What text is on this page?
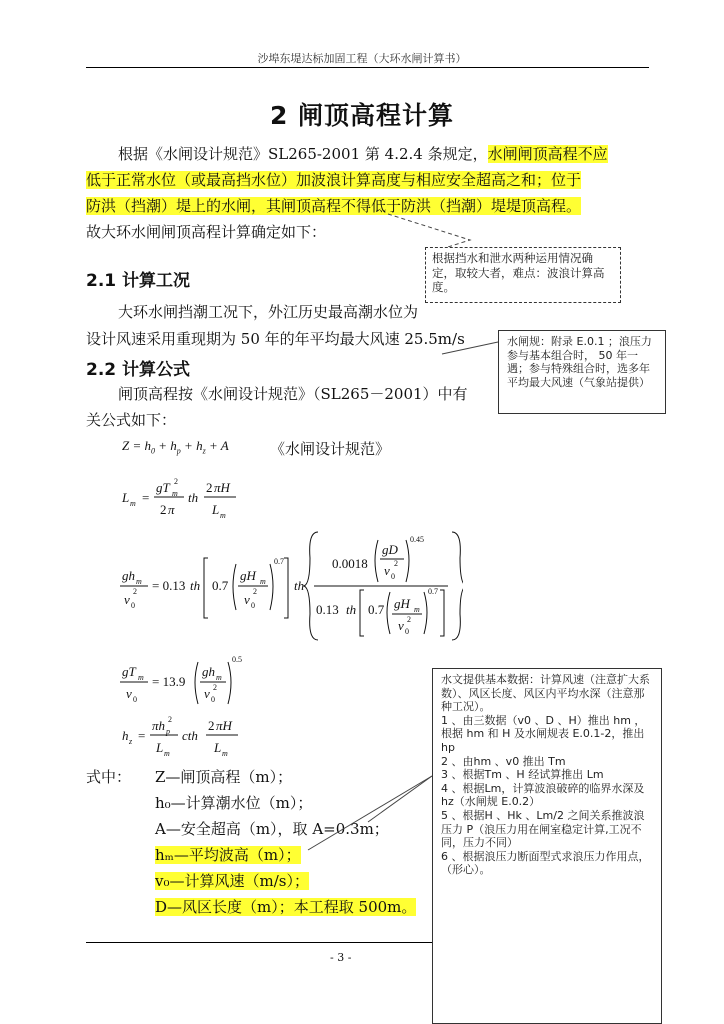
沙埠东堤达标加固工程（大环水闸计算书）
2 闸顶高程计算
根据《水闸设计规范》SL265-2001 第 4.2.4 条规定，水闸闸顶高程不应
低于正常水位（或最高挡水位）加波浪计算高度与相应安全超高之和；位于
防洪（挡潮）堤上的水闸，其闸顶高程不得低于防洪（挡潮）堤堤顶高程。
故大环水闸闸顶高程计算确定如下：
2.1 计算工况
大环水闸挡潮工况下，外江历史最高潮水位为
设计风速采用重现期为 50 年的年平均最大风速 25.5m/s
2.2 计算公式
闸顶高程按《水闸设计规范》（SL265－2001）中有
关公式如下：
$Z = h_0 + h_p + h_z + A$	《水闸设计规范》
L m =
gT m
2
2 π
th
2 πH
L m
gh m
v 0
2 = 0.13 th 0.7
gH m
v 0
2
0.7
th
0.0018
gD
v 0
2
0.45
0.13 th 0.7 gH m
v 0
2
0.7
gT m
v 0
= 13.9
gh m
v 0
2
0.5
h z =
πh p
2
L m
cth
2 πH
L m
式中： Z—闸顶高程（m）；
h₀—计算潮水位（m）；
A—安全超高（m），取 A=0.3m；
hₘ—平均波高（m）；
v₀—计算风速（m/s）；
D—风区长度（m）；本工程取 500m。
- 3 -
根据挡水和泄水两种运用情况确定，取较大者，难点：波浪计算高度。
水闸规：附录 E.0.1 ；浪压力参与基本组合时， 50 年一遇；参与特殊组合时，选多年平均最大风速（气象站提供）
水文提供基本数据：计算风速（注意扩大系数）、风区长度、风区内平均水深（注意那种工况）。
1 、由三数据（v0 、D 、H）推出 hm ，根据 hm 和 H 及水闸规表 E.0.1-2，推出 hp
2 、由hm 、v0 推出 Tm
3 、根据Tm 、H 经试算推出 Lm
4 、根据Lm，计算波浪破碎的临界水深及 hz（水闸规 E.0.2）
5 、根据H 、Hk 、Lm/2 之间关系推波浪压力 P（浪压力用在闸室稳定计算,工况不同，压力不同）
6 、根据浪压力断面型式求浪压力作用点，（形心）。
